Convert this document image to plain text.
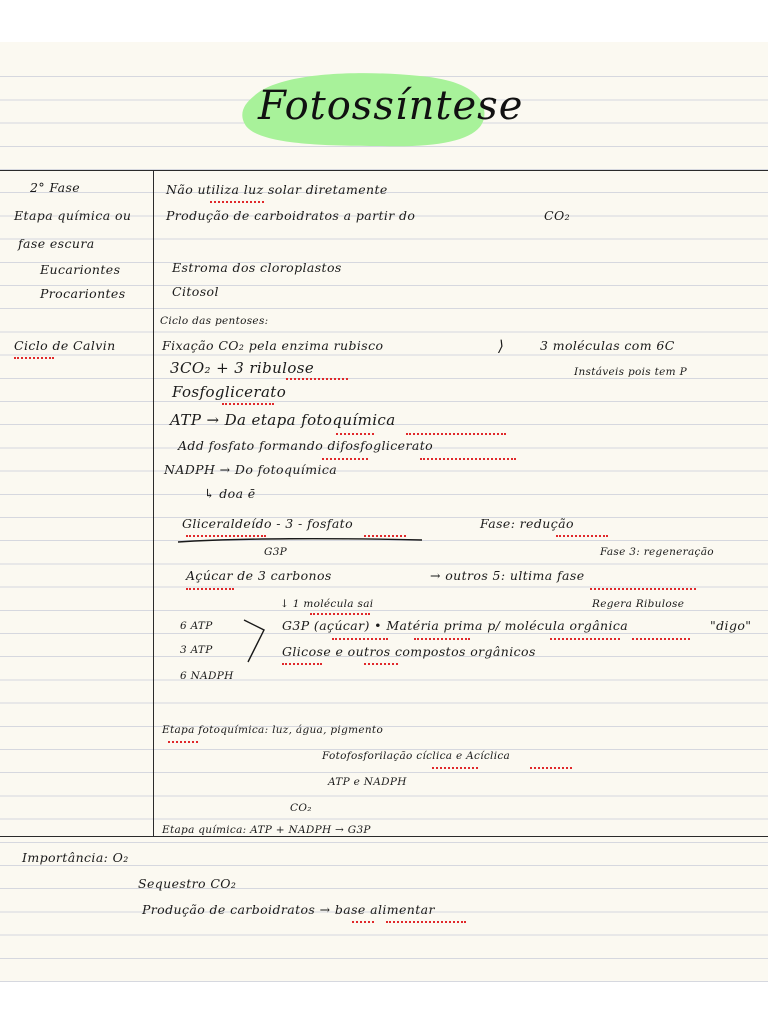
Fotossíntese
2° Fase
Etapa química ou
fase escura
Eucariontes
Procariontes
Ciclo de Calvin
Não utiliza luz solar diretamente
Produção de carboidratos a partir do	CO₂
Estroma dos cloroplastos
Citosol
Ciclo das pentoses:
Fixação CO₂ pela enzima rubisco	⟩	3 moléculas com 6C
3CO₂ + 3 ribulose	Instáveis pois tem P
Fosfoglicerato
ATP → Da etapa fotoquímica
Add fosfato formando difosfoglicerato
NADPH → Do fotoquímica
↳ doa ē
Gliceraldeído - 3 - fosfato	Fase: redução
G3P	Fase 3: regeneração
Açúcar de 3 carbonos	→ outros 5: ultima fase
↓ 1 molécula sai	Regera Ribulose
6 ATP
3 ATP
6 NADPH
G3P (açúcar) • Matéria prima p/ molécula orgânica	"digo"
Glicose e outros compostos orgânicos
Etapa fotoquímica: luz, água, pigmento
Fotofosforilação cíclica e Acíclica
ATP e NADPH
CO₂
Etapa química: ATP + NADPH → G3P
Importância: O₂
Sequestro CO₂
Produção de carboidratos → base alimentar
